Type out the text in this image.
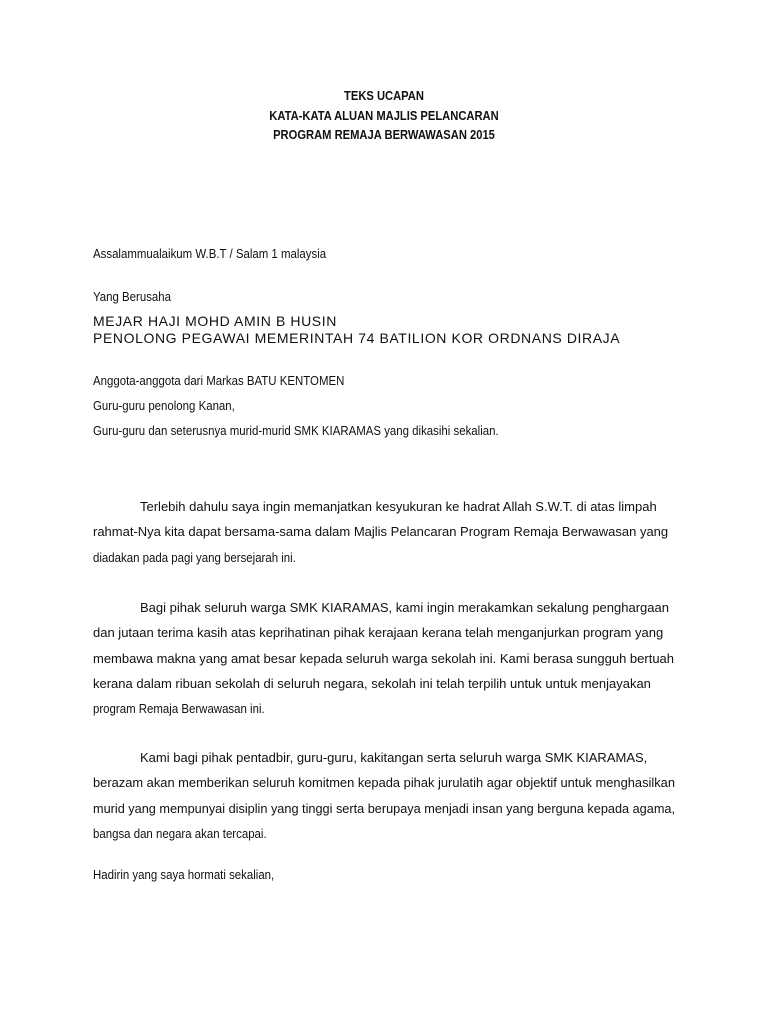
TEKS UCAPAN
KATA-KATA ALUAN MAJLIS PELANCARAN
PROGRAM REMAJA BERWAWASAN 2015
Assalammualaikum W.B.T / Salam 1 malaysia
Yang Berusaha
MEJAR HAJI MOHD AMIN B HUSIN
PENOLONG PEGAWAI MEMERINTAH 74 BATILION KOR ORDNANS DIRAJA
Anggota-anggota dari Markas BATU KENTOMEN
Guru-guru penolong Kanan,
Guru-guru dan seterusnya murid-murid SMK KIARAMAS yang dikasihi sekalian.
Terlebih dahulu saya ingin memanjatkan kesyukuran ke hadrat Allah S.W.T. di atas limpah
rahmat-Nya kita dapat bersama-sama dalam Majlis Pelancaran Program Remaja Berwawasan yang
diadakan pada pagi yang bersejarah ini.
Bagi pihak seluruh warga SMK KIARAMAS, kami ingin merakamkan sekalung penghargaan
dan jutaan terima kasih atas keprihatinan pihak kerajaan kerana telah menganjurkan program yang
membawa makna yang amat besar kepada seluruh warga sekolah ini. Kami berasa sungguh bertuah
kerana dalam ribuan sekolah di seluruh negara, sekolah ini telah terpilih untuk untuk menjayakan
program Remaja Berwawasan ini.
Kami bagi pihak pentadbir, guru-guru, kakitangan serta seluruh warga SMK KIARAMAS,
berazam akan memberikan seluruh komitmen kepada pihak jurulatih agar objektif untuk menghasilkan
murid yang mempunyai disiplin yang tinggi serta berupaya menjadi insan yang berguna kepada agama,
bangsa dan negara akan tercapai.
Hadirin yang saya hormati sekalian,
